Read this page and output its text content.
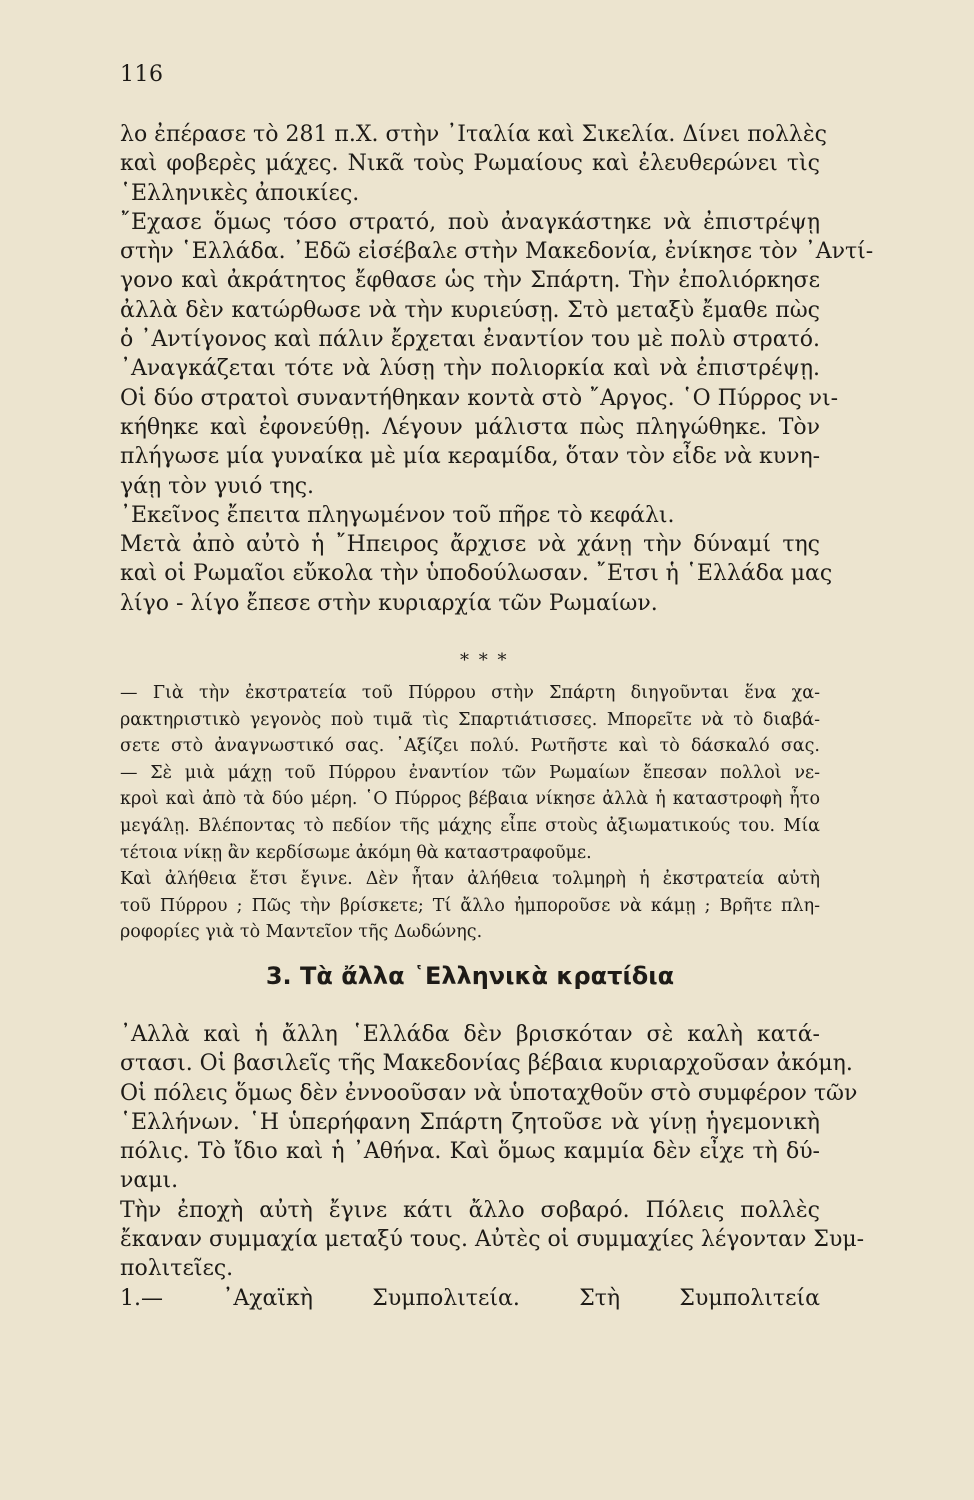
116
λο ἐπέρασε τὸ 281 π.Χ. στὴν ᾿Ιταλία καὶ Σικελία. Δίνει πολλὲς
καὶ φοβερὲς μάχες. Νικᾶ τοὺς Ρωμαίους καὶ ἐλευθερώνει τὶς
῾Ελληνικὲς ἀποικίες.
῎Εχασε ὅμως τόσο στρατό, ποὺ ἀναγκάστηκε νὰ ἐπιστρέψῃ
στὴν ῾Ελλάδα. ᾿Εδῶ εἰσέβαλε στὴν Μακεδονία, ἐνίκησε τὸν ᾿Αντί-
γονο καὶ ἀκράτητος ἔφθασε ὡς τὴν Σπάρτη. Τὴν ἐπολιόρκησε
ἀλλὰ δὲν κατώρθωσε νὰ τὴν κυριεύσῃ. Στὸ μεταξὺ ἔμαθε πὼς
ὁ ᾿Αντίγονος καὶ πάλιν ἔρχεται ἐναντίον του μὲ πολὺ στρατό.
᾿Αναγκάζεται τότε νὰ λύσῃ τὴν πολιορκία καὶ νὰ ἐπιστρέψῃ.
Οἱ δύο στρατοὶ συναντήθηκαν κοντὰ στὸ ῎Αργος. ῾Ο Πύρρος νι-
κήθηκε καὶ ἐφονεύθῃ. Λέγουν μάλιστα πὼς πληγώθηκε. Τὸν
πλήγωσε μία γυναίκα μὲ μία κεραμίδα, ὅταν τὸν εἶδε νὰ κυνη-
γάῃ τὸν γυιό της.
᾿Εκεῖνος ἔπειτα πληγωμένον τοῦ πῆρε τὸ κεφάλι.
Μετὰ ἀπὸ αὐτὸ ἡ ῎Ηπειρος ἄρχισε νὰ χάνῃ τὴν δύναμί της
καὶ οἱ Ρωμαῖοι εὔκολα τὴν ὑποδούλωσαν. ῎Ετσι ἡ ῾Ελλάδα μας
λίγο - λίγο ἔπεσε στὴν κυριαρχία τῶν Ρωμαίων.
* * *
— Γιὰ τὴν ἐκστρατεία τοῦ Πύρρου στὴν Σπάρτη διηγοῦνται ἕνα χα-
ρακτηριστικὸ γεγονὸς ποὺ τιμᾶ τὶς Σπαρτιάτισσες. Μπορεῖτε νὰ τὸ διαβά-
σετε στὸ ἀναγνωστικό σας. ᾿Αξίζει πολύ. Ρωτῆστε καὶ τὸ δάσκαλό σας.
— Σὲ μιὰ μάχῃ τοῦ Πύρρου ἐναντίον τῶν Ρωμαίων ἔπεσαν πολλοὶ νε-
κροὶ καὶ ἀπὸ τὰ δύο μέρη. ῾Ο Πύρρος βέβαια νίκησε ἀλλὰ ἡ καταστροφὴ ἦτο
μεγάλῃ. Βλέποντας τὸ πεδίον τῆς μάχης εἶπε στοὺς ἀξιωματικούς του. Μία
τέτοια νίκῃ ἂν κερδίσωμε ἀκόμη θὰ καταστραφοῦμε.
Καὶ ἀλήθεια ἔτσι ἔγινε. Δὲν ἦταν ἀλήθεια τολμηρὴ ἡ ἐκστρατεία αὐτὴ
τοῦ Πύρρου ; Πῶς τὴν βρίσκετε; Τί ἄλλο ἠμποροῦσε νὰ κάμῃ ; Βρῆτε πλη-
ροφορίες γιὰ τὸ Μαντεῖον τῆς Δωδώνης.
3. Τὰ ἄλλα ῾Ελληνικὰ κρατίδια
᾿Αλλὰ καὶ ἡ ἄλλη ῾Ελλάδα δὲν βρισκόταν σὲ καλὴ κατά-
στασι. Οἱ βασιλεῖς τῆς Μακεδονίας βέβαια κυριαρχοῦσαν ἀκόμη.
Οἱ πόλεις ὅμως δὲν ἐννοοῦσαν νὰ ὑποταχθοῦν στὸ συμφέρον τῶν
῾Ελλήνων. ῾Η ὑπερήφανη Σπάρτη ζητοῦσε νὰ γίνῃ ἡγεμονικὴ
πόλις. Τὸ ἴδιο καὶ ἡ ᾿Αθήνα. Καὶ ὅμως καμμία δὲν εἶχε τὴ δύ-
ναμι.
Τὴν ἐποχὴ αὐτὴ ἔγινε κάτι ἄλλο σοβαρό. Πόλεις πολλὲς
ἔκαναν συμμαχία μεταξύ τους. Αὐτὲς οἱ συμμαχίες λέγονταν Συμ-
πολιτεῖες.
1.— ᾿Αχαϊκὴ Συμπολιτεία. Στὴ Συμπολιτεία
